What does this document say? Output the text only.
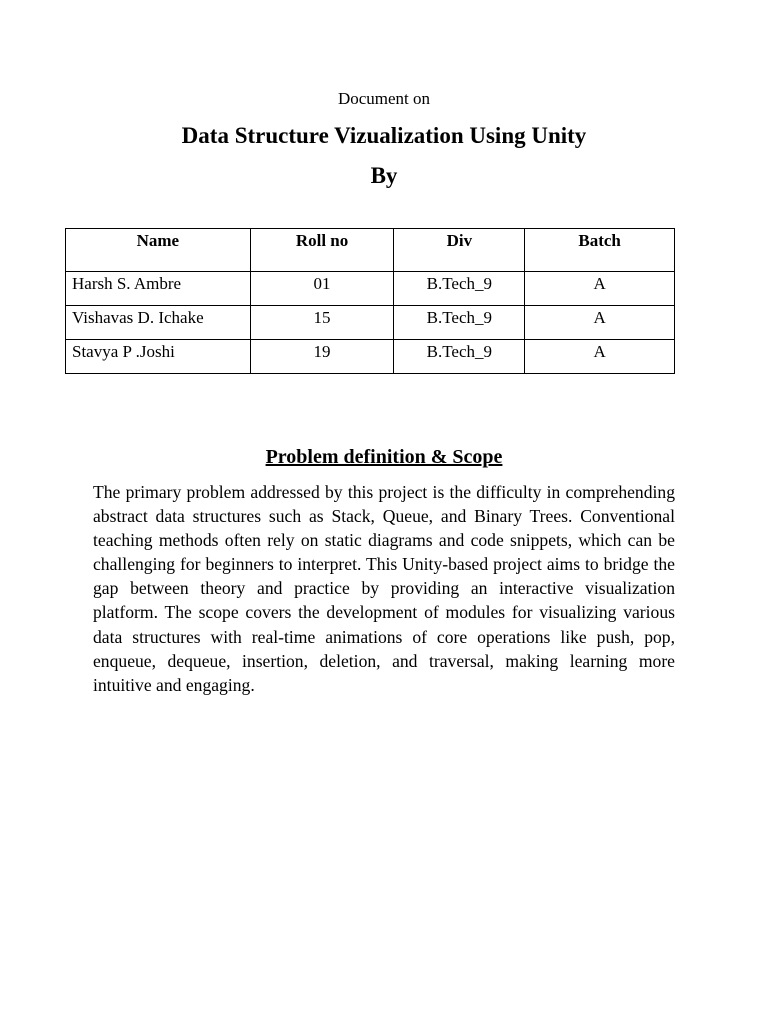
Document on
Data Structure Vizualization Using Unity
By
Name	Roll no	Div	Batch
Harsh S. Ambre	01	B.Tech_9	A
Vishavas D. Ichake	15	B.Tech_9	A
Stavya P .Joshi	19	B.Tech_9	A
Problem definition & Scope

The primary problem addressed by this project is the difficulty in comprehending abstract data structures such as Stack, Queue, and Binary Trees. Conventional teaching methods often rely on static diagrams and code snippets, which can be challenging for beginners to interpret. This Unity-based project aims to bridge the gap between theory and practice by providing an interactive visualization platform. The scope covers the development of modules for visualizing various data structures with real-time animations of core operations like push, pop, enqueue, dequeue, insertion, deletion, and traversal, making learning more intuitive and engaging.
